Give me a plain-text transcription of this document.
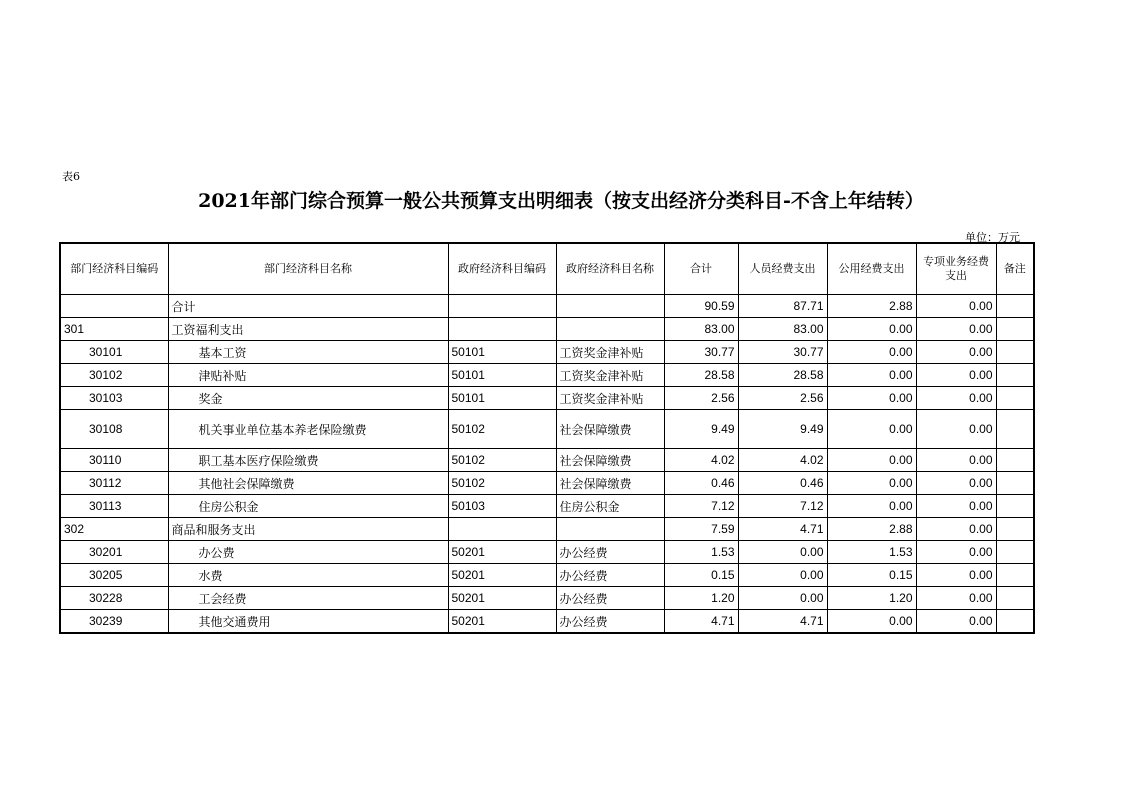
表6
2021年部门综合预算一般公共预算支出明细表（按支出经济分类科目-不含上年结转）
单位：万元
部门经济科目编码	部门经济科目名称	政府经济科目编码	政府经济科目名称	合计	人员经费支出	公用经费支出	专项业务经费支出	备注
	合计			90.59	87.71	2.88	0.00	
301	工资福利支出			83.00	83.00	0.00	0.00	
30101	基本工资	50101	工资奖金津补贴	30.77	30.77	0.00	0.00	
30102	津贴补贴	50101	工资奖金津补贴	28.58	28.58	0.00	0.00	
30103	奖金	50101	工资奖金津补贴	2.56	2.56	0.00	0.00	
30108	机关事业单位基本养老保险缴费	50102	社会保障缴费	9.49	9.49	0.00	0.00	
30110	职工基本医疗保险缴费	50102	社会保障缴费	4.02	4.02	0.00	0.00	
30112	其他社会保障缴费	50102	社会保障缴费	0.46	0.46	0.00	0.00	
30113	住房公积金	50103	住房公积金	7.12	7.12	0.00	0.00	
302	商品和服务支出			7.59	4.71	2.88	0.00	
30201	办公费	50201	办公经费	1.53	0.00	1.53	0.00	
30205	水费	50201	办公经费	0.15	0.00	0.15	0.00	
30228	工会经费	50201	办公经费	1.20	0.00	1.20	0.00	
30239	其他交通费用	50201	办公经费	4.71	4.71	0.00	0.00	
